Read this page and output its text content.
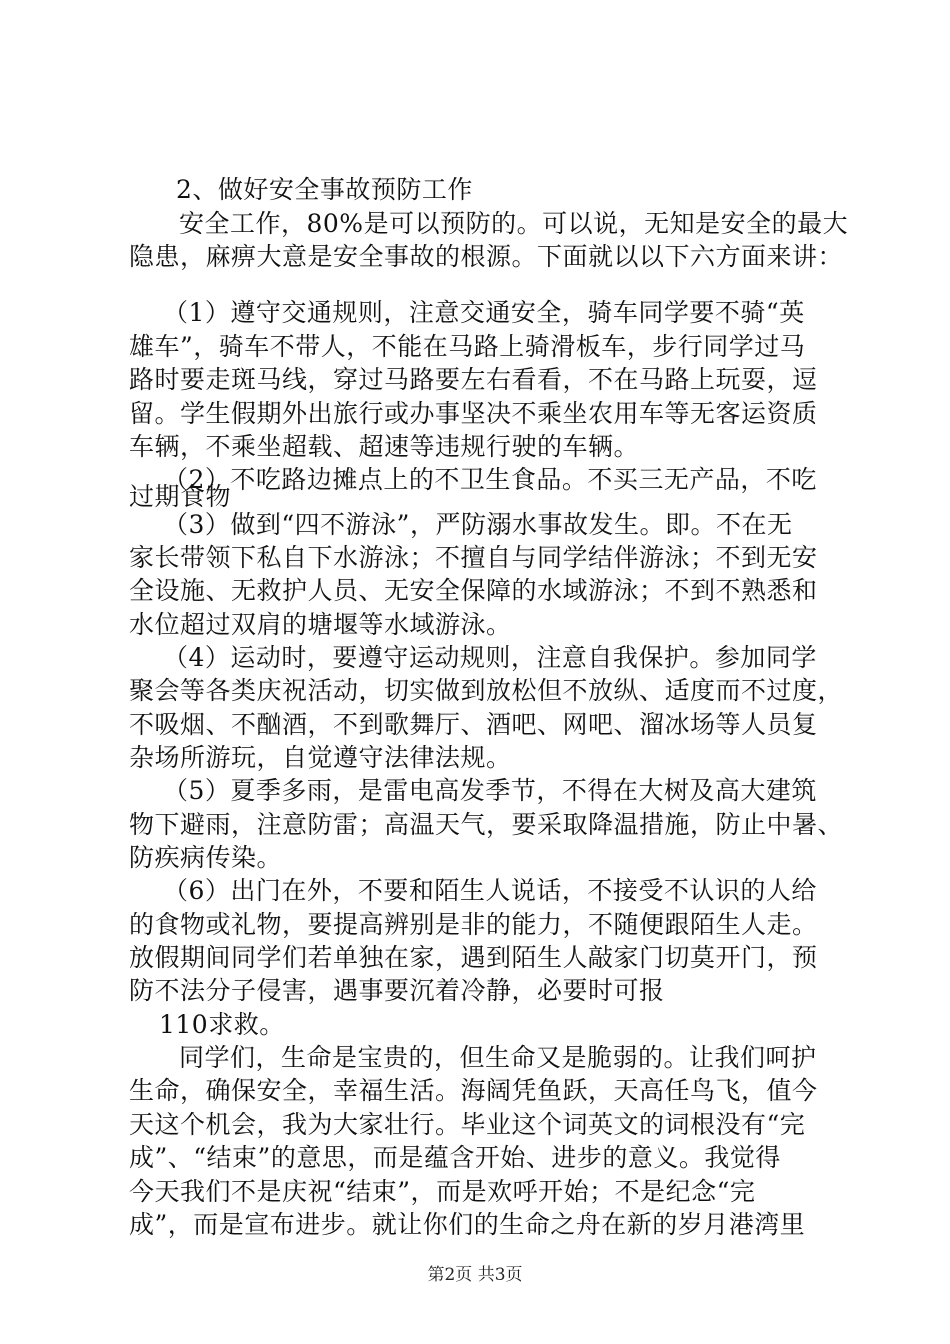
2、做好安全事故预防工作
安全工作，80%是可以预防的。可以说，无知是安全的最大
隐患，麻痹大意是安全事故的根源。下面就以以下六方面来讲：
（1）遵守交通规则，注意交通安全，骑车同学要不骑“英
雄车”，骑车不带人，不能在马路上骑滑板车，步行同学过马
路时要走斑马线，穿过马路要左右看看，不在马路上玩耍，逗
留。学生假期外出旅行或办事坚决不乘坐农用车等无客运资质
车辆，不乘坐超载、超速等违规行驶的车辆。
（2）不吃路边摊点上的不卫生食品。不买三无产品，不吃
过期食物
（3）做到“四不游泳”，严防溺水事故发生。即。不在无
家长带领下私自下水游泳；不擅自与同学结伴游泳；不到无安
全设施、无救护人员、无安全保障的水域游泳；不到不熟悉和
水位超过双肩的塘堰等水域游泳。
（4）运动时，要遵守运动规则，注意自我保护。参加同学
聚会等各类庆祝活动，切实做到放松但不放纵、适度而不过度，
不吸烟、不酗酒，不到歌舞厅、酒吧、网吧、溜冰场等人员复
杂场所游玩，自觉遵守法律法规。
（5）夏季多雨，是雷电高发季节，不得在大树及高大建筑
物下避雨，注意防雷；高温天气，要采取降温措施，防止中暑、
防疾病传染。
（6）出门在外，不要和陌生人说话，不接受不认识的人给
的食物或礼物，要提高辨别是非的能力，不随便跟陌生人走。
放假期间同学们若单独在家，遇到陌生人敲家门切莫开门，预
防不法分子侵害，遇事要沉着冷静，必要时可报
110求救。
同学们，生命是宝贵的，但生命又是脆弱的。让我们呵护
生命，确保安全，幸福生活。海阔凭鱼跃，天高任鸟飞，值今
天这个机会，我为大家壮行。毕业这个词英文的词根没有“完
成”、“结束”的意思，而是蕴含开始、进步的意义。我觉得
今天我们不是庆祝“结束”，而是欢呼开始；不是纪念“完
成”，而是宣布进步。就让你们的生命之舟在新的岁月港湾里
第2页 共3页
